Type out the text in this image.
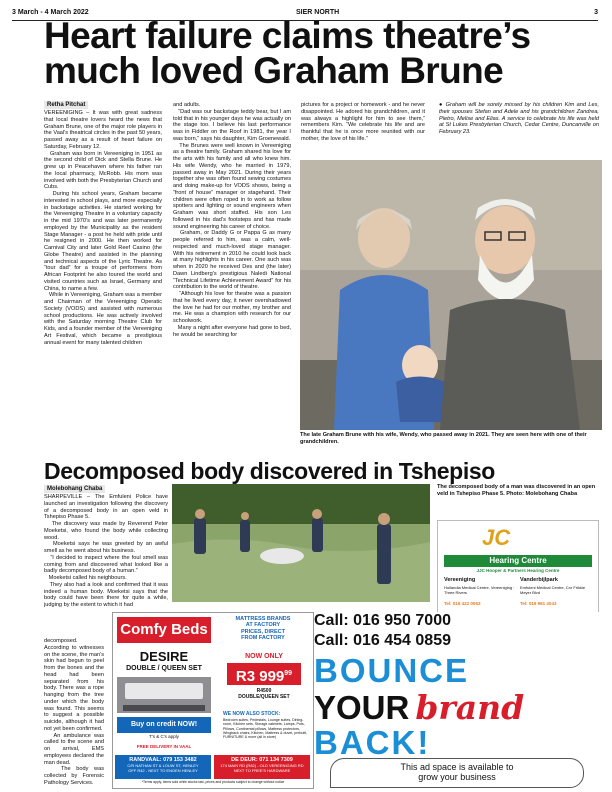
3 March - 4 March 2022	SIER NORTH	3
Heart failure claims theatre’s
much loved Graham Brune
Retha Pitchat
VEREENIGING – It was with great sadness that local theatre lovers heard the news that Graham Brune, one of the major role players in the Vaal’s theatrical circles in the past 50 years, passed away as a result of heart failure on Saturday, February 12.
Graham was born in Vereeniging in 1951 as the second child of Dick and Stella Brune. He grew up in Peacehaven where his father ran the local pharmacy, McRobb. His mom was involved with both the Presbyterian Church and Cubs.
During his school years, Graham became interested in school plays, and more especially in backstage activities. He started working for the Vereeniging Theatre in a voluntary capacity in the mid 1970’s and was later permanently employed by the Municipality as the resident Stage Manager - a post he held with pride until he resigned in 2000. He then worked for Carnival City and later Gold Reef Casino (the Globe Theatre) and assisted in the planning and technical aspects of the Lyric Theatre. As “tour dad” for a troupe of performers from African Footprint he also toured the world and visited countries such as Israel, Germany and China, to name a few.
While in Vereeniging, Graham was a member and Chairman of the Vereeniging Operatic Society (VODS) and assisted with numerous school productions. He was actively involved with the Saturday morning Theatre Club for Kids, and a founder member of the Vereeniging Art Festival, which became a prestigious annual event for many talented children
and adults.
“Dad was our backstage teddy bear, but I am told that in his younger days he was actually on the stage too. I believe his last performance was in Fiddler on the Roof in 1981, the year I was born,” says his daughter, Kim Groenewald.
The Brunes were well known in Vereeniging as a theatre family. Graham shared his love for the arts with his family and all who knew him. His wife Wendy, who he married in 1979, passed away in May 2021. During their years together she was often found sewing costumes and doing make-up for VODS shows, being a “front of house” manager or stagehand. Their children were often roped in to work as follow spotters and lighting or sound engineers when Graham was short staffed. His son Les followed in his dad’s footsteps and has made sound engineering his career of choice.
Graham, or Daddy G or Pappa G as many people referred to him, was a calm, well-respected and much-loved stage manager. With his retirement in 2010 he could look back at many highlights in his career. One such was when in 2020 he received Des and (the later) Dawn Lindberg’s prestigious Naledi National “Technical Lifetime Achievement Award” for his contribution to the world of theatre.
“Although his love for theatre was a passion that he lived every day, it never overshadowed the love he had for our mother, my brother and me. He was a champion with research for our schoolwork.
Many a night after everyone had gone to bed, he would be searching for
pictures for a project or homework - and he never disappointed. He adored his grandchildren, and it was always a highlight for him to see them,” remembers Kim. “We celebrate his life and are thankful that he is once more reunited with our mother, the love of his life.”
● Graham will be sorely missed by his children Kim and Les, their spouses Stefan and Adele and his grandchildren Zandrea, Pietro, Melise and Elias. A service to celebrate his life was held at St Lukes Presbyterian Church, Cedar Centre, Duncanville on February 23.
The late Graham Brune with his wife, Wendy, who passed away in 2021. They are seen here with one of their grandchildren.
Decomposed body discovered in Tshepiso
Molebohang Chaba
SHARPEVILLE – The Emfuleni Police have launched an investigation following the discovery of a decomposed body in an open veld in Tshepiso Phase 5.
The discovery was made by Reverend Peter Moeketsi, who found the body while collecting wood.
Moeketsi says he was greeted by an awful smell as he went about his business.
“I decided to inspect where the foul smell was coming from and discovered what looked like a badly decomposed body of a human.”
Moeketsi called his neighbours.
They also had a look and confirmed that it was indeed a human body. Moeketsi says that the body could have been there for quite a while, judging by the extent to which it had
decomposed.
According to witnesses on the scene, the man’s skin had begun to peel from the bones and the head had been separated from his body. There was a rope hanging from the tree under which the body was found. This seems to suggest a possible suicide, although it had not yet been confirmed.
An ambulance was called to the scene and on arrival, EMS employees declared the man dead.
The body was collected by Forensic Pathology Services.
The decomposed body of a man was discovered in an open veld in Tshepiso Phase 5. Photo: Molebohang Chaba
JC
Hearing Centre
JJC Hooper & Partners Hearing Centre
Vereeniging	Vanderbijlpark
Hollandia Medical Centre, Vereeniging · Three Rivers
Emfuleni Medical Centre, Cnr Frikkie Meyer Blvd
Tel: 016 422 0063	Tel: 016 981 4043
Comfy Beds
MATTRESS BRANDS
AT FACTORY
PRICES, DIRECT
FROM FACTORY
DESIRE
DOUBLE / QUEEN SET
NOW ONLY
R3 $999^{99}$
R4500
DOUBLE/QUEEN SET
WE NOW ALSO STOCK:
Bedroom suites, Pedestals, Lounge suites, Dining-room, Kitchen sets, Storage cabinets, Lamps, Pots, Pillows, Continental pillows, Mattress protectors, Wingback chairs, Kitchen, Mattress & duvet, prebuilt, FURNITURE & more (all in store)
Buy on credit NOW!
T's & C's apply
FREE DELIVERY IN VAAL
RANDVAAL: 079 153 3482
C/R NATHAN ST & LOUW ST, HENLEY
OFF R42 - NEXT TO ENGEN HENLEY
DE DEUR: 071 134 7309
174 MAIN RD (R82) - OLD VEREENIGING RD
NEXT TO FREE'S HARDWARE
*Terms apply, items sold while stocks last, prices and products subject to change without notice
Call: 016 950 7000
Call: 016 454 0859
BOUNCE
YOUR brand
BACK!
This ad space is available to
grow your business
